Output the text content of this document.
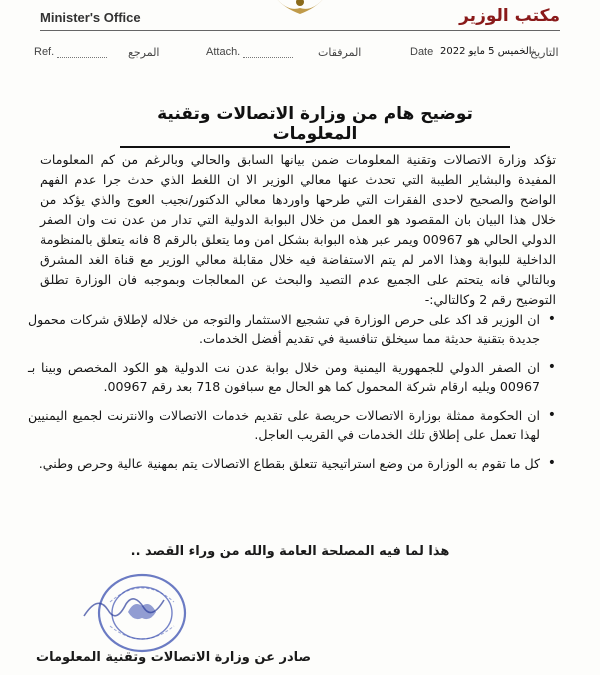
Minister's Office	مكتب الوزير
Ref.	المرجع	Attach.	المرفقات	Date الخميس 5 مايو 2022
التاريخ
توضيح هام من وزارة الاتصالات وتقنية المعلومات

تؤكد وزارة الاتصالات وتقنية المعلومات ضمن بيانها السابق والحالي وبالرغم من كم المعلومات المفيدة والبشاير الطيبة التي تحدث عنها معالي الوزير الا ان اللغط الذي حدث جرا عدم الفهم الواضح والصحيح لاحدى الفقرات التي طرحها واوردها معالي الدكتور/نجيب العوج والذي يؤكد من خلال هذا البيان بان المقصود هو العمل من خلال البوابة الدولية التي تدار من عدن نت وان الصفر الدولي الحالي هو 00967 ويمر عبر هذه البوابة بشكل امن وما يتعلق بالرقم 8 فانه يتعلق بالمنظومة الداخلية للبوابة وهذا الامر لم يتم الاستفاضة فيه خلال مقابلة معالي الوزير مع قناة الغد المشرق وبالتالي فانه يتحتم على الجميع عدم التصيد والبحث عن المعالجات وبموجبه فان الوزارة تطلق التوضيح رقم 2 وكالتالي:-

• ان الوزير قد اكد على حرص الوزارة في تشجيع الاستثمار والتوجه من خلاله لإطلاق شركات محمول جديدة بتقنية حديثة مما سيخلق تنافسية في تقديم أفضل الخدمات.
• ان الصفر الدولي للجمهورية اليمنية ومن خلال بوابة عدن نت الدولية هو الكود المخصص وبينا بـ 00967 ويليه ارقام شركة المحمول كما هو الحال مع سبافون 718 بعد رقم 00967.
• ان الحكومة ممثلة بوزارة الاتصالات حريصة على تقديم خدمات الاتصالات والانترنت لجميع اليمنيين لهذا تعمل على إطلاق تلك الخدمات في القريب العاجل.
• كل ما تقوم به الوزارة من وضع استراتيجية تتعلق بقطاع الاتصالات يتم بمهنية عالية وحرص وطني.
هذا لما فيه المصلحة العامة والله من وراء القصد ..
صادر عن وزارة الاتصالات وتقنية المعلومات
